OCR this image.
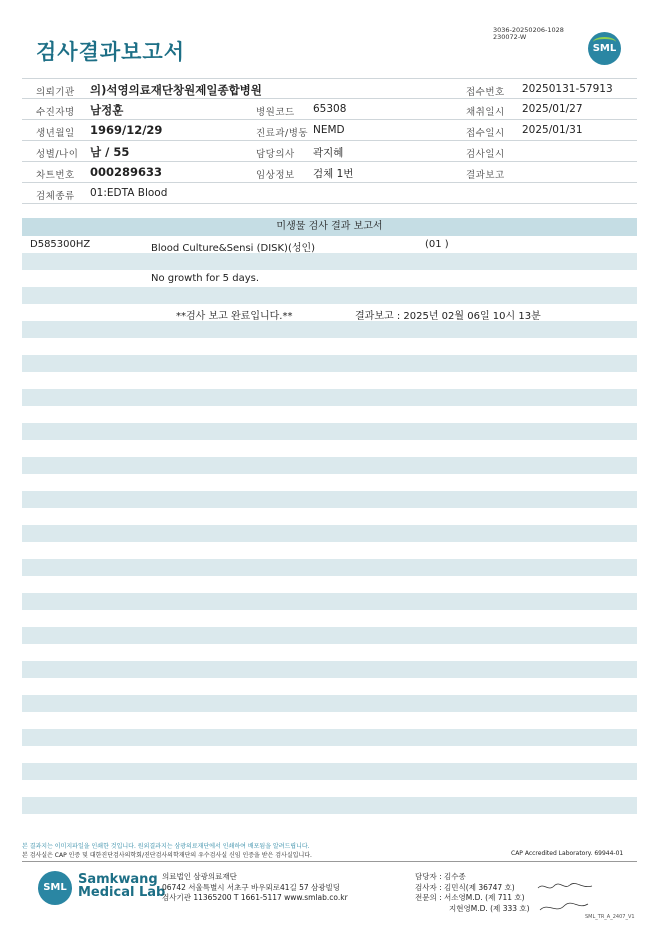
검사결과보고서
3036-20250206-1028
230072-W
SML
의뢰기관 의)석영의료재단창원제일종합병원	접수번호 20250131-57913
수진자명 남정훈	병원코드 65308	채취일시 2025/01/27
생년월일 1969/12/29	진료과/병동 NEMD	접수일시 2025/01/31
성별/나이 남 / 55	담당의사 곽지혜	검사일시
차트번호 000289633	임상정보 검체 1번	결과보고
검체종류 01:EDTA Blood
미생물 검사 결과 보고서
D585300HZ	Blood Culture&Sensi (DISK)(성인)	(01 )
No growth for 5 days.
**검사 보고 완료입니다.**	결과보고 : 2025년 02월 06일 10시 13분
본 결과지는 이미지파일을 인쇄한 것입니다. 원외결과지는 삼광의료재단에서 인쇄하여 배포됨을 알려드립니다.
본 검사실은 CAP 인증 및 대한진단검사의학회/진단검사의학재단의 우수검사실 신임 인증을 받은 검사실입니다.	CAP Accredited Laboratory. 69944-01
SML
Samkwang
Medical Lab
의료법인 삼광의료재단
06742 서울특별시 서초구 바우뫼로41길 57 삼광빌딩
검사기관 11365200 T 1661-5117 www.smlab.co.kr
담당자 : 김수종
검사자 : 김민식(제 36747 호)
전문의 : 서소영M.D. (제 711 호)
지현영M.D. (제 333 호)
SML_TR_A_2407_V1
